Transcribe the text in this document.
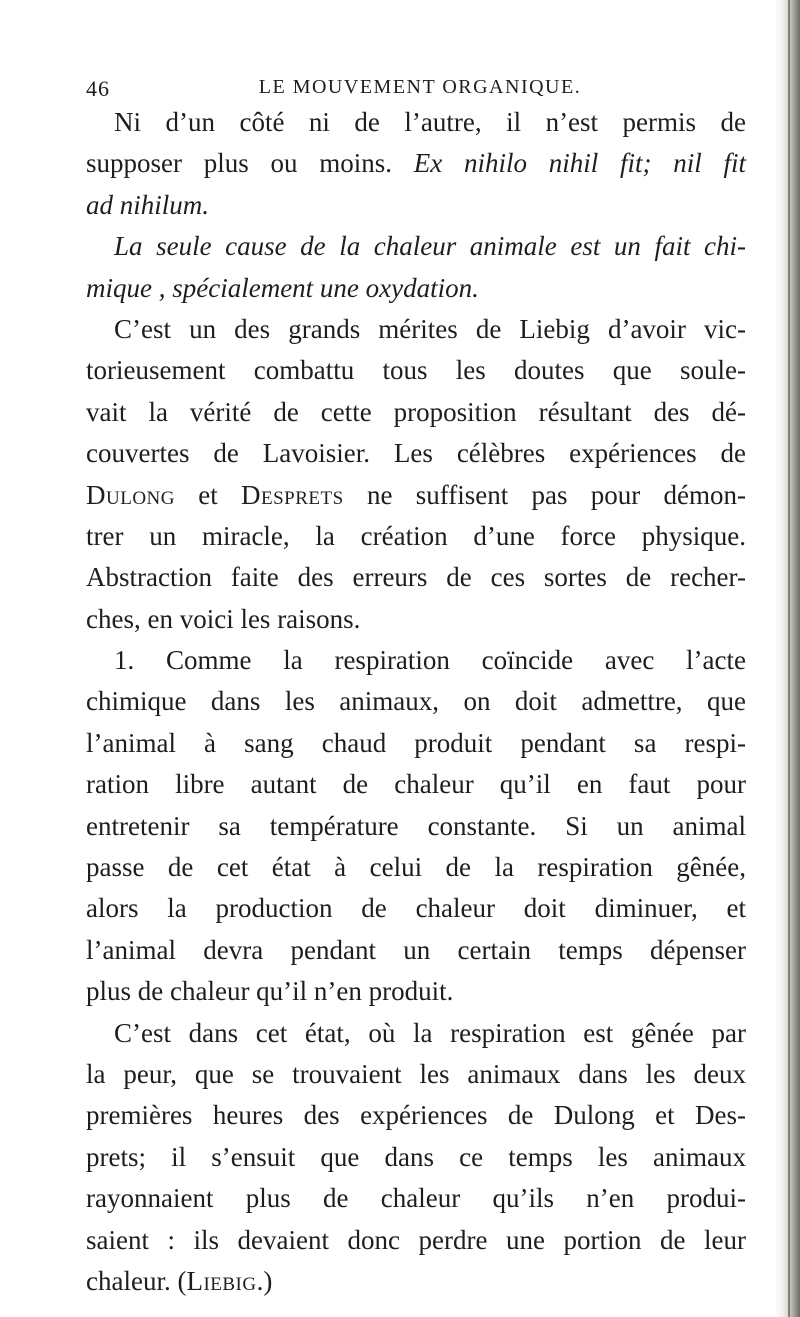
46	LE MOUVEMENT ORGANIQUE.
Ni d’un côté ni de l’autre, il n’est permis de
supposer plus ou moins. Ex nihilo nihil fit; nil fit
ad nihilum.
La seule cause de la chaleur animale est un fait chi-
mique , spécialement une oxydation.
C’est un des grands mérites de Liebig d’avoir vic-
torieusement combattu tous les doutes que soule-
vait la vérité de cette proposition résultant des dé-
couvertes de Lavoisier. Les célèbres expériences de
Dulong et Desprets ne suffisent pas pour démon-
trer un miracle, la création d’une force physique.
Abstraction faite des erreurs de ces sortes de recher-
ches, en voici les raisons.
1. Comme la respiration coïncide avec l’acte
chimique dans les animaux, on doit admettre, que
l’animal à sang chaud produit pendant sa respi-
ration libre autant de chaleur qu’il en faut pour
entretenir sa température constante. Si un animal
passe de cet état à celui de la respiration gênée,
alors la production de chaleur doit diminuer, et
l’animal devra pendant un certain temps dépenser
plus de chaleur qu’il n’en produit.
C’est dans cet état, où la respiration est gênée par
la peur, que se trouvaient les animaux dans les deux
premières heures des expériences de Dulong et Des-
prets; il s’ensuit que dans ce temps les animaux
rayonnaient plus de chaleur qu’ils n’en produi-
saient : ils devaient donc perdre une portion de leur
chaleur. (Liebig.)
